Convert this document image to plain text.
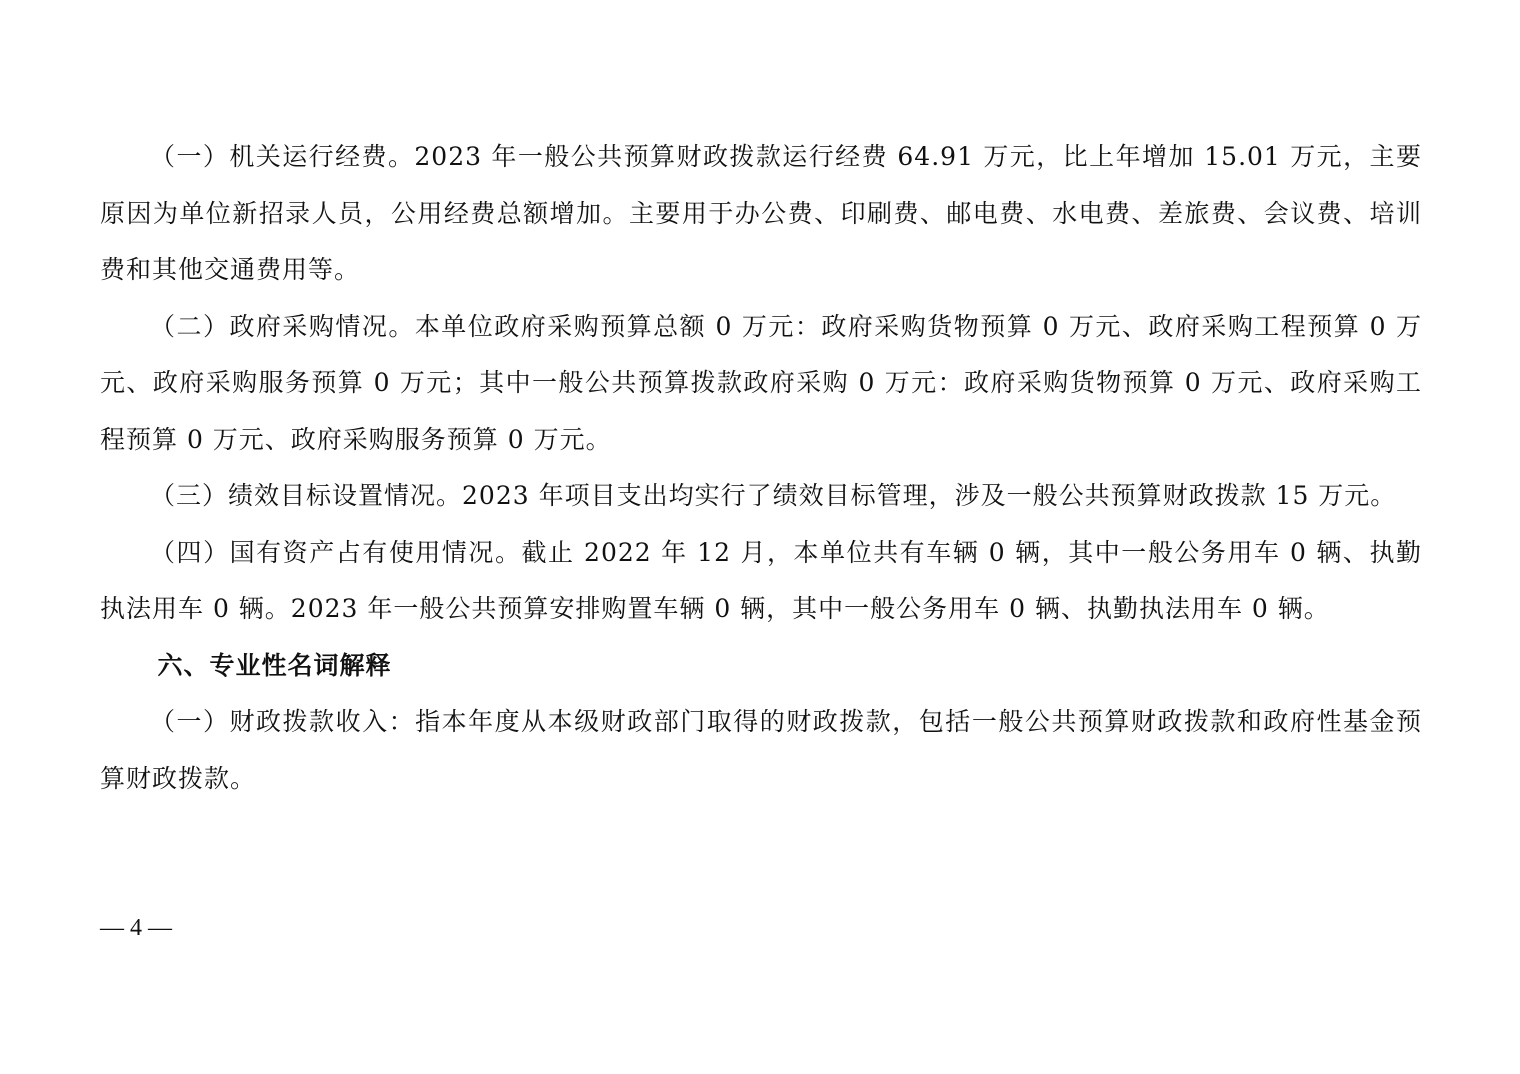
（一）机关运行经费。2023 年一般公共预算财政拨款运行经费 64.91 万元，比上年增加 15.01 万元，主要原因为单位新招录人员，公用经费总额增加。主要用于办公费、印刷费、邮电费、水电费、差旅费、会议费、培训费和其他交通费用等。

（二）政府采购情况。本单位政府采购预算总额 0 万元：政府采购货物预算 0 万元、政府采购工程预算 0 万元、政府采购服务预算 0 万元；其中一般公共预算拨款政府采购 0 万元：政府采购货物预算 0 万元、政府采购工程预算 0 万元、政府采购服务预算 0 万元。

（三）绩效目标设置情况。2023 年项目支出均实行了绩效目标管理，涉及一般公共预算财政拨款 15 万元。

（四）国有资产占有使用情况。截止 2022 年 12 月，本单位共有车辆 0 辆，其中一般公务用车 0 辆、执勤执法用车 0 辆。2023 年一般公共预算安排购置车辆 0 辆，其中一般公务用车 0 辆、执勤执法用车 0 辆。

六、专业性名词解释

（一）财政拨款收入：指本年度从本级财政部门取得的财政拨款，包括一般公共预算财政拨款和政府性基金预算财政拨款。

— 4 —
